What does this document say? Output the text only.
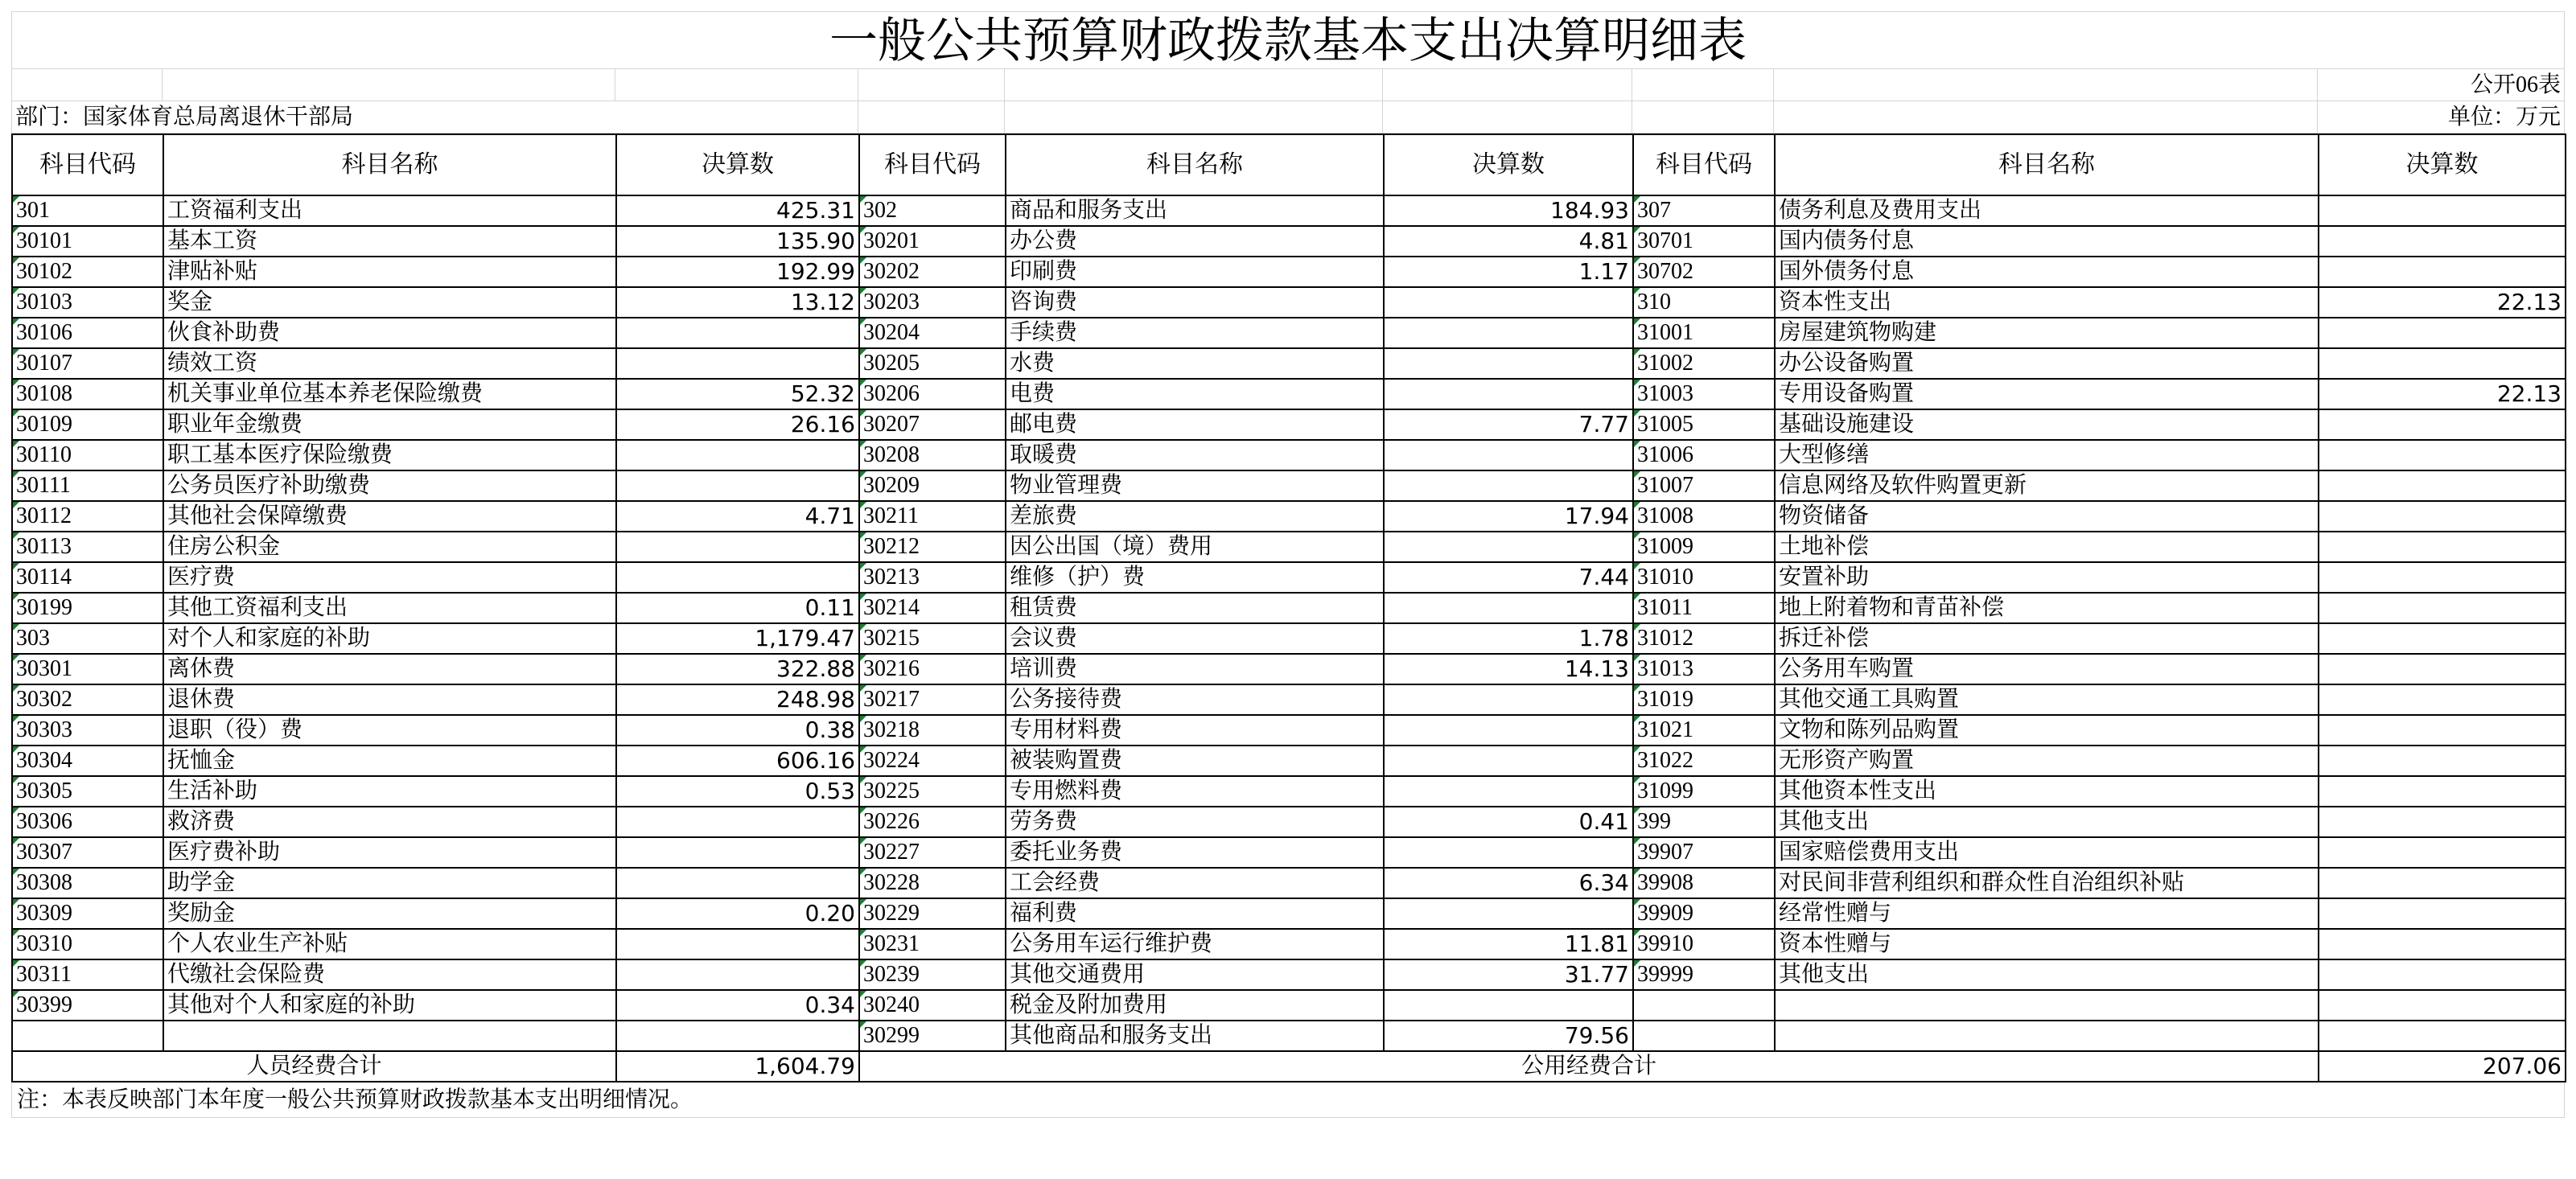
一般公共预算财政拨款基本支出决算明细表
公开06表
部门：国家体育总局离退休干部局	单位：万元
科目代码	科目名称	决算数	科目代码	科目名称	决算数	科目代码	科目名称	决算数
301	工资福利支出	425.31	302	商品和服务支出	184.93	307	债务利息及费用支出	
30101	基本工资	135.90	30201	办公费	4.81	30701	国内债务付息	
30102	津贴补贴	192.99	30202	印刷费	1.17	30702	国外债务付息	
30103	奖金	13.12	30203	咨询费		310	资本性支出	22.13
30106	伙食补助费		30204	手续费		31001	房屋建筑物购建	
30107	绩效工资		30205	水费		31002	办公设备购置	
30108	机关事业单位基本养老保险缴费	52.32	30206	电费		31003	专用设备购置	22.13
30109	职业年金缴费	26.16	30207	邮电费	7.77	31005	基础设施建设	
30110	职工基本医疗保险缴费		30208	取暖费		31006	大型修缮	
30111	公务员医疗补助缴费		30209	物业管理费		31007	信息网络及软件购置更新	
30112	其他社会保障缴费	4.71	30211	差旅费	17.94	31008	物资储备	
30113	住房公积金		30212	因公出国（境）费用		31009	土地补偿	
30114	医疗费		30213	维修（护）费	7.44	31010	安置补助	
30199	其他工资福利支出	0.11	30214	租赁费		31011	地上附着物和青苗补偿	
303	对个人和家庭的补助	1,179.47	30215	会议费	1.78	31012	拆迁补偿	
30301	离休费	322.88	30216	培训费	14.13	31013	公务用车购置	
30302	退休费	248.98	30217	公务接待费		31019	其他交通工具购置	
30303	退职（役）费	0.38	30218	专用材料费		31021	文物和陈列品购置	
30304	抚恤金	606.16	30224	被装购置费		31022	无形资产购置	
30305	生活补助	0.53	30225	专用燃料费		31099	其他资本性支出	
30306	救济费		30226	劳务费	0.41	399	其他支出	
30307	医疗费补助		30227	委托业务费		39907	国家赔偿费用支出	
30308	助学金		30228	工会经费	6.34	39908	对民间非营利组织和群众性自治组织补贴	
30309	奖励金	0.20	30229	福利费		39909	经常性赠与	
30310	个人农业生产补贴		30231	公务用车运行维护费	11.81	39910	资本性赠与	
30311	代缴社会保险费		30239	其他交通费用	31.77	39999	其他支出	
30399	其他对个人和家庭的补助	0.34	30240	税金及附加费用				
			30299	其他商品和服务支出	79.56			
人员经费合计		1,604.79	公用经费合计					207.06
注：本表反映部门本年度一般公共预算财政拨款基本支出明细情况。
